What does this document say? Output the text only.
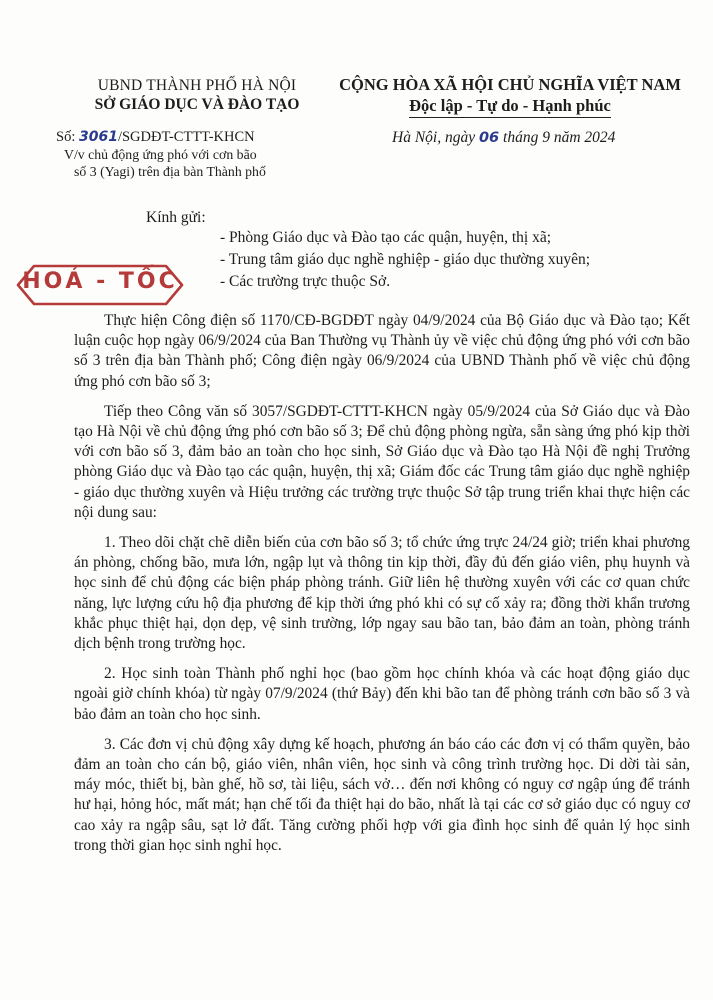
UBND THÀNH PHỐ HÀ NỘI
SỞ GIÁO DỤC VÀ ĐÀO TẠO
CỘNG HÒA XÃ HỘI CHỦ NGHĨA VIỆT NAM
Độc lập - Tự do - Hạnh phúc
Số: 3061/SGDĐT-CTTT-KHCN
V/v chủ động ứng phó với cơn bão
số 3 (Yagi) trên địa bàn Thành phố
Hà Nội, ngày 06 tháng 9 năm 2024
Kính gửi:
- Phòng Giáo dục và Đào tạo các quận, huyện, thị xã;
- Trung tâm giáo dục nghề nghiệp - giáo dục thường xuyên;
- Các trường trực thuộc Sở.
HOẢ - TỐC

Thực hiện Công điện số 1170/CĐ-BGDĐT ngày 04/9/2024 của Bộ Giáo dục và Đào tạo; Kết luận cuộc họp ngày 06/9/2024 của Ban Thường vụ Thành ủy về việc chủ động ứng phó với cơn bão số 3 trên địa bàn Thành phố; Công điện ngày 06/9/2024 của UBND Thành phố về việc chủ động ứng phó cơn bão số 3;

Tiếp theo Công văn số 3057/SGDĐT-CTTT-KHCN ngày 05/9/2024 của Sở Giáo dục và Đào tạo Hà Nội về chủ động ứng phó cơn bão số 3; Để chủ động phòng ngừa, sẵn sàng ứng phó kịp thời với cơn bão số 3, đảm bảo an toàn cho học sinh, Sở Giáo dục và Đào tạo Hà Nội đề nghị Trưởng phòng Giáo dục và Đào tạo các quận, huyện, thị xã; Giám đốc các Trung tâm giáo dục nghề nghiệp - giáo dục thường xuyên và Hiệu trưởng các trường trực thuộc Sở tập trung triển khai thực hiện các nội dung sau:

1. Theo dõi chặt chẽ diễn biến của cơn bão số 3; tổ chức ứng trực 24/24 giờ; triển khai phương án phòng, chống bão, mưa lớn, ngập lụt và thông tin kịp thời, đầy đủ đến giáo viên, phụ huynh và học sinh để chủ động các biện pháp phòng tránh. Giữ liên hệ thường xuyên với các cơ quan chức năng, lực lượng cứu hộ địa phương để kịp thời ứng phó khi có sự cố xảy ra; đồng thời khẩn trương khắc phục thiệt hại, dọn dẹp, vệ sinh trường, lớp ngay sau bão tan, bảo đảm an toàn, phòng tránh dịch bệnh trong trường học.

2. Học sinh toàn Thành phố nghỉ học (bao gồm học chính khóa và các hoạt động giáo dục ngoài giờ chính khóa) từ ngày 07/9/2024 (thứ Bảy) đến khi bão tan để phòng tránh cơn bão số 3 và bảo đảm an toàn cho học sinh.

3. Các đơn vị chủ động xây dựng kế hoạch, phương án báo cáo các đơn vị có thẩm quyền, bảo đảm an toàn cho cán bộ, giáo viên, nhân viên, học sinh và công trình trường học. Di dời tài sản, máy móc, thiết bị, bàn ghế, hồ sơ, tài liệu, sách vở… đến nơi không có nguy cơ ngập úng để tránh hư hại, hỏng hóc, mất mát; hạn chế tối đa thiệt hại do bão, nhất là tại các cơ sở giáo dục có nguy cơ cao xảy ra ngập sâu, sạt lở đất. Tăng cường phối hợp với gia đình học sinh để quản lý học sinh trong thời gian học sinh nghỉ học.
